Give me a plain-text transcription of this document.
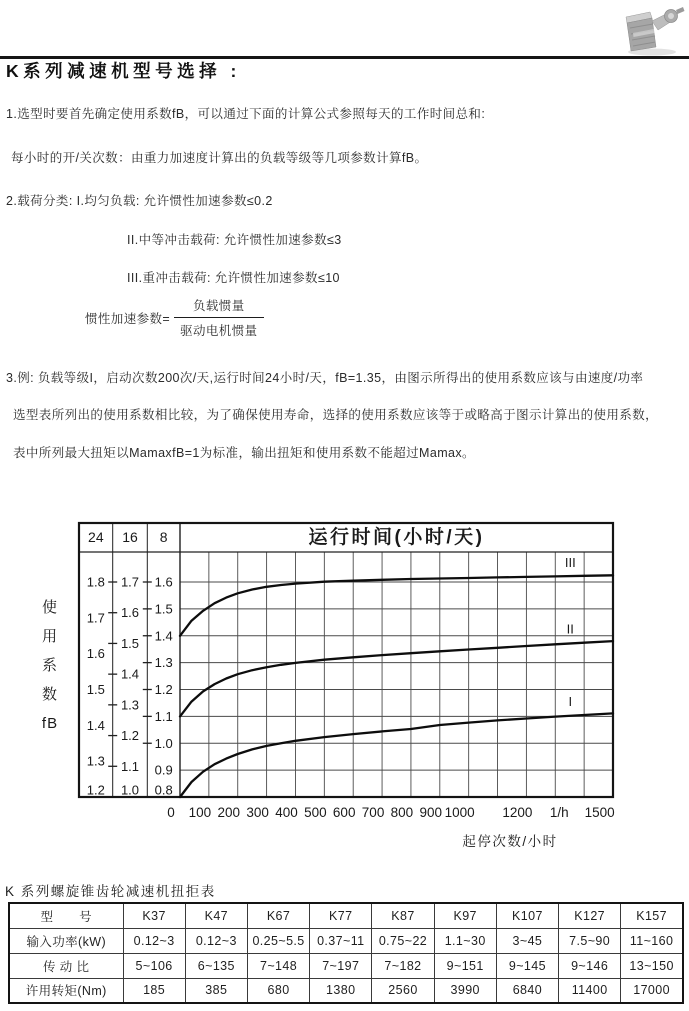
K系列减速机型号选择 :

1.选型时要首先确定使用系数fB，可以通过下面的计算公式参照每天的工作时间总和:

每小时的开/关次数：由重力加速度计算出的负载等级等几项参数计算fB。

2.载荷分类: I.均匀负载: 允许惯性加速参数≤0.2

II.中等冲击载荷: 允许惯性加速参数≤3

III.重冲击载荷: 允许惯性加速参数≤10

惯性加速参数= $\frac{\text{负载惯量}}{\text{驱动电机惯量}}$

3.例: 负载等级I，启动次数200次/天,运行时间24小时/天，fB=1.35，由图示所得出的使用系数应该与由速度/功率

选型表所列出的使用系数相比较，为了确保使用寿命，选择的使用系数应该等于或略高于图示计算出的使用系数，

表中所列最大扭矩以MamaxfB=1为标准，输出扭矩和使用系数不能超过Mamax。

24
1.8
1.7
1.6
1.5
1.4
1.3
1.2
16
1.7
1.6
1.5
1.4
1.3
1.2
1.1
1.0
8
1.6
1.5
1.4
1.3
1.2
1.1
1.0
0.9
0.8
运行时间(小时/天)
使
用
系
数
fB
III
II
I
0 100 200 300 400 500 600 700 800 900 1000 1200	1500
1/h
起停次数/小时
K 系列螺旋锥齿轮减速机扭拒表
型　　号	K37	K47	K67	K77	K87	K97	K107	K127	K157
输入功率(kW)	0.12~3	0.12~3	0.25~5.5	0.37~11	0.75~22	1.1~30	3~45	7.5~90	11~160
传 动 比	5~106	6~135	7~148	7~197	7~182	9~151	9~145	9~146	13~150
许用转矩(Nm)	185	385	680	1380	2560	3990	6840	11400	17000
